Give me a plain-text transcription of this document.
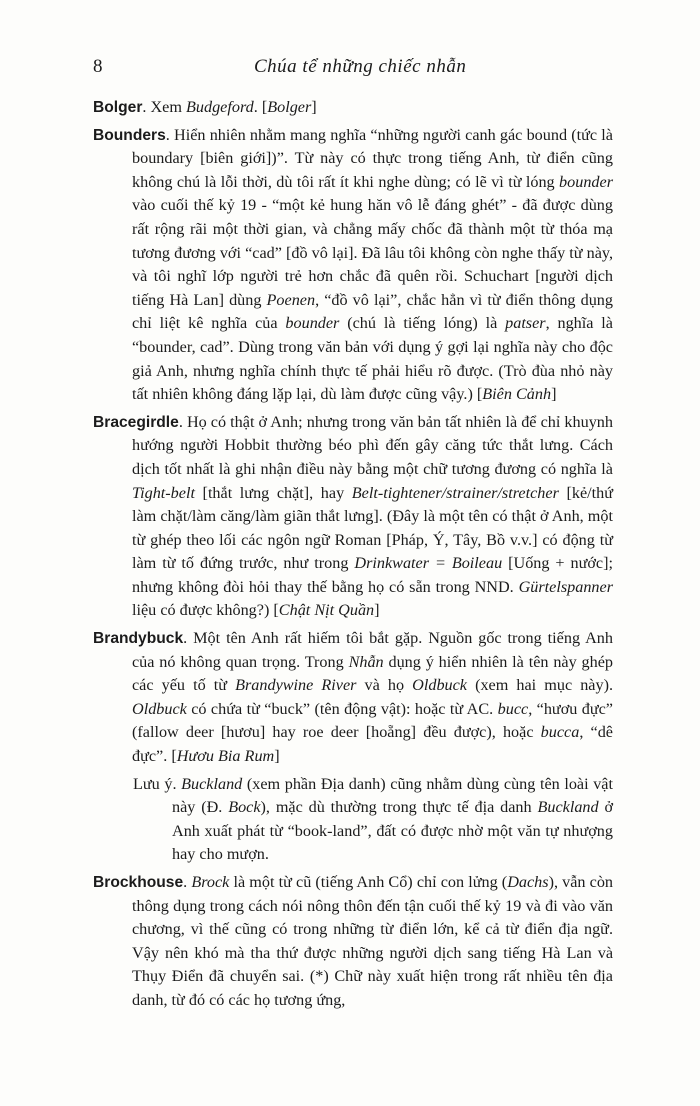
8	Chúa tể những chiếc nhẫn

Bolger. Xem Budgeford. [Bolger]

Bounders. Hiển nhiên nhằm mang nghĩa “những người canh gác bound (tức là boundary [biên giới])”. Từ này có thực trong tiếng Anh, từ điển cũng không chú là lỗi thời, dù tôi rất ít khi nghe dùng; có lẽ vì từ lóng bounder vào cuối thế kỷ 19 - “một kẻ hung hăn vô lễ đáng ghét” - đã được dùng rất rộng rãi một thời gian, và chẳng mấy chốc đã thành một từ thóa mạ tương đương với “cad” [đồ vô lại]. Đã lâu tôi không còn nghe thấy từ này, và tôi nghĩ lớp người trẻ hơn chắc đã quên rồi. Schuchart [người dịch tiếng Hà Lan] dùng Poenen, “đồ vô lại”, chắc hẳn vì từ điển thông dụng chỉ liệt kê nghĩa của bounder (chú là tiếng lóng) là patser, nghĩa là “bounder, cad”. Dùng trong văn bản với dụng ý gợi lại nghĩa này cho độc giả Anh, nhưng nghĩa chính thực tế phải hiểu rõ được. (Trò đùa nhỏ này tất nhiên không đáng lặp lại, dù làm được cũng vậy.) [Biên Cảnh]

Bracegirdle. Họ có thật ở Anh; nhưng trong văn bản tất nhiên là để chỉ khuynh hướng người Hobbit thường béo phì đến gây căng tức thắt lưng. Cách dịch tốt nhất là ghi nhận điều này bằng một chữ tương đương có nghĩa là Tight-belt [thắt lưng chặt], hay Belt-tightener/strainer/stretcher [kẻ/thứ làm chặt/làm căng/làm giãn thắt lưng]. (Đây là một tên có thật ở Anh, một từ ghép theo lối các ngôn ngữ Roman [Pháp, Ý, Tây, Bồ v.v.] có động từ làm từ tố đứng trước, như trong Drinkwater = Boileau [Uống + nước]; nhưng không đòi hỏi thay thế bằng họ có sẵn trong NND. Gürtelspanner liệu có được không?) [Chật Nịt Quần]

Brandybuck. Một tên Anh rất hiếm tôi bắt gặp. Nguồn gốc trong tiếng Anh của nó không quan trọng. Trong Nhẫn dụng ý hiển nhiên là tên này ghép các yếu tố từ Brandywine River và họ Oldbuck (xem hai mục này). Oldbuck có chứa từ “buck” (tên động vật): hoặc từ AC. bucc, “hươu đực” (fallow deer [hươu] hay roe deer [hoẵng] đều được), hoặc bucca, “dê đực”. [Hươu Bia Rum]

Lưu ý. Buckland (xem phần Địa danh) cũng nhằm dùng cùng tên loài vật này (Đ. Bock), mặc dù thường trong thực tế địa danh Buckland ở Anh xuất phát từ “book-land”, đất có được nhờ một văn tự nhượng hay cho mượn.

Brockhouse. Brock là một từ cũ (tiếng Anh Cổ) chỉ con lửng (Dachs), vẫn còn thông dụng trong cách nói nông thôn đến tận cuối thế kỷ 19 và đi vào văn chương, vì thế cũng có trong những từ điển lớn, kể cả từ điển địa ngữ. Vậy nên khó mà tha thứ được những người dịch sang tiếng Hà Lan và Thụy Điển đã chuyển sai. (*) Chữ này xuất hiện trong rất nhiều tên địa danh, từ đó có các họ tương ứng,
